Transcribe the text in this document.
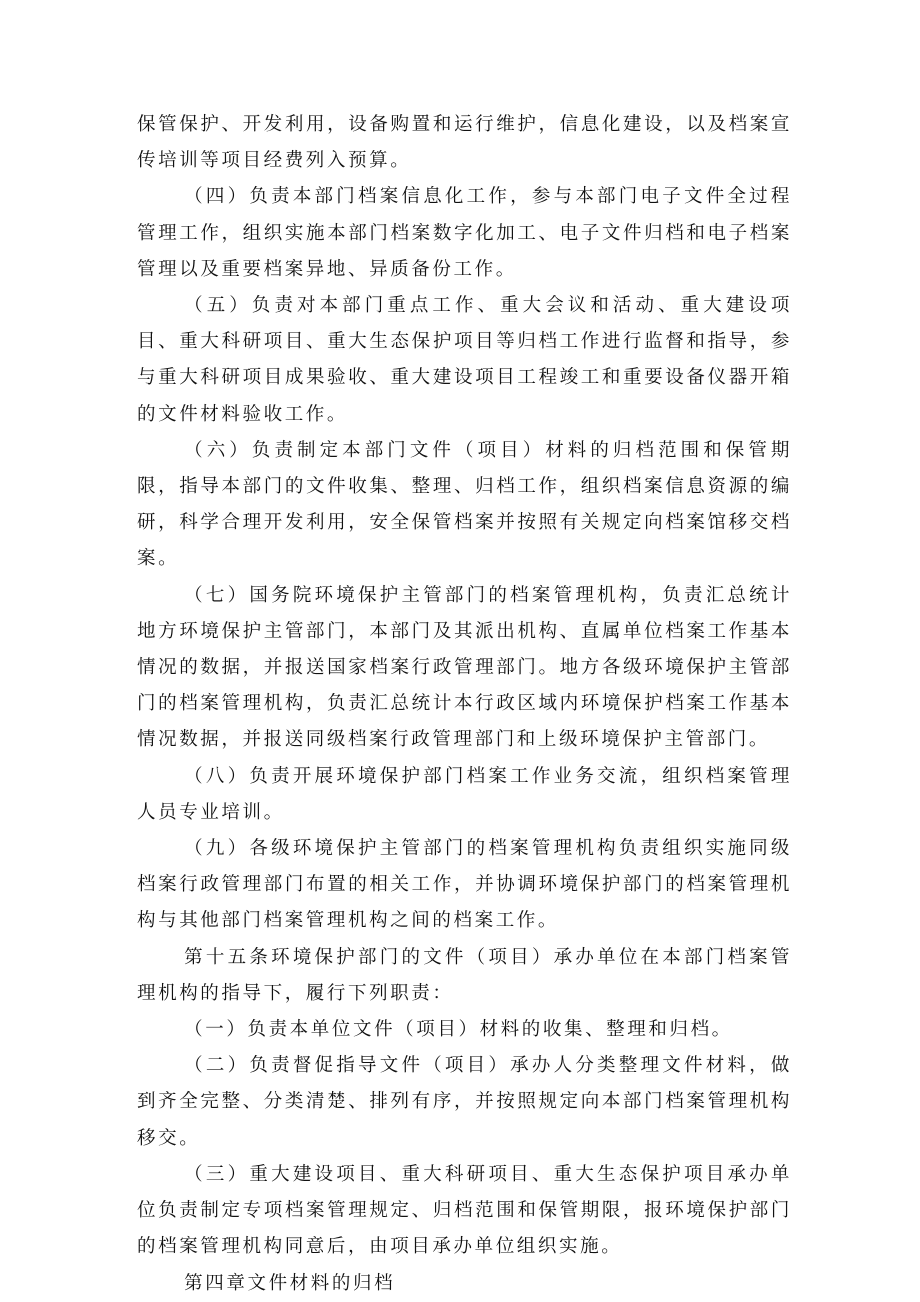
保管保护、开发利用，设备购置和运行维护，信息化建设，以及档案宣传培训等项目经费列入预算。

（四）负责本部门档案信息化工作，参与本部门电子文件全过程管理工作，组织实施本部门档案数字化加工、电子文件归档和电子档案管理以及重要档案异地、异质备份工作。

（五）负责对本部门重点工作、重大会议和活动、重大建设项目、重大科研项目、重大生态保护项目等归档工作进行监督和指导，参与重大科研项目成果验收、重大建设项目工程竣工和重要设备仪器开箱的文件材料验收工作。

（六）负责制定本部门文件（项目）材料的归档范围和保管期限，指导本部门的文件收集、整理、归档工作，组织档案信息资源的编研，科学合理开发利用，安全保管档案并按照有关规定向档案馆移交档案。

（七）国务院环境保护主管部门的档案管理机构，负责汇总统计地方环境保护主管部门，本部门及其派出机构、直属单位档案工作基本情况的数据，并报送国家档案行政管理部门。地方各级环境保护主管部门的档案管理机构，负责汇总统计本行政区域内环境保护档案工作基本情况数据，并报送同级档案行政管理部门和上级环境保护主管部门。

（八）负责开展环境保护部门档案工作业务交流，组织档案管理人员专业培训。

（九）各级环境保护主管部门的档案管理机构负责组织实施同级档案行政管理部门布置的相关工作，并协调环境保护部门的档案管理机构与其他部门档案管理机构之间的档案工作。

第十五条环境保护部门的文件（项目）承办单位在本部门档案管理机构的指导下，履行下列职责：

（一）负责本单位文件（项目）材料的收集、整理和归档。

（二）负责督促指导文件（项目）承办人分类整理文件材料，做到齐全完整、分类清楚、排列有序，并按照规定向本部门档案管理机构移交。

（三）重大建设项目、重大科研项目、重大生态保护项目承办单位负责制定专项档案管理规定、归档范围和保管期限，报环境保护部门的档案管理机构同意后，由项目承办单位组织实施。

第四章文件材料的归档
